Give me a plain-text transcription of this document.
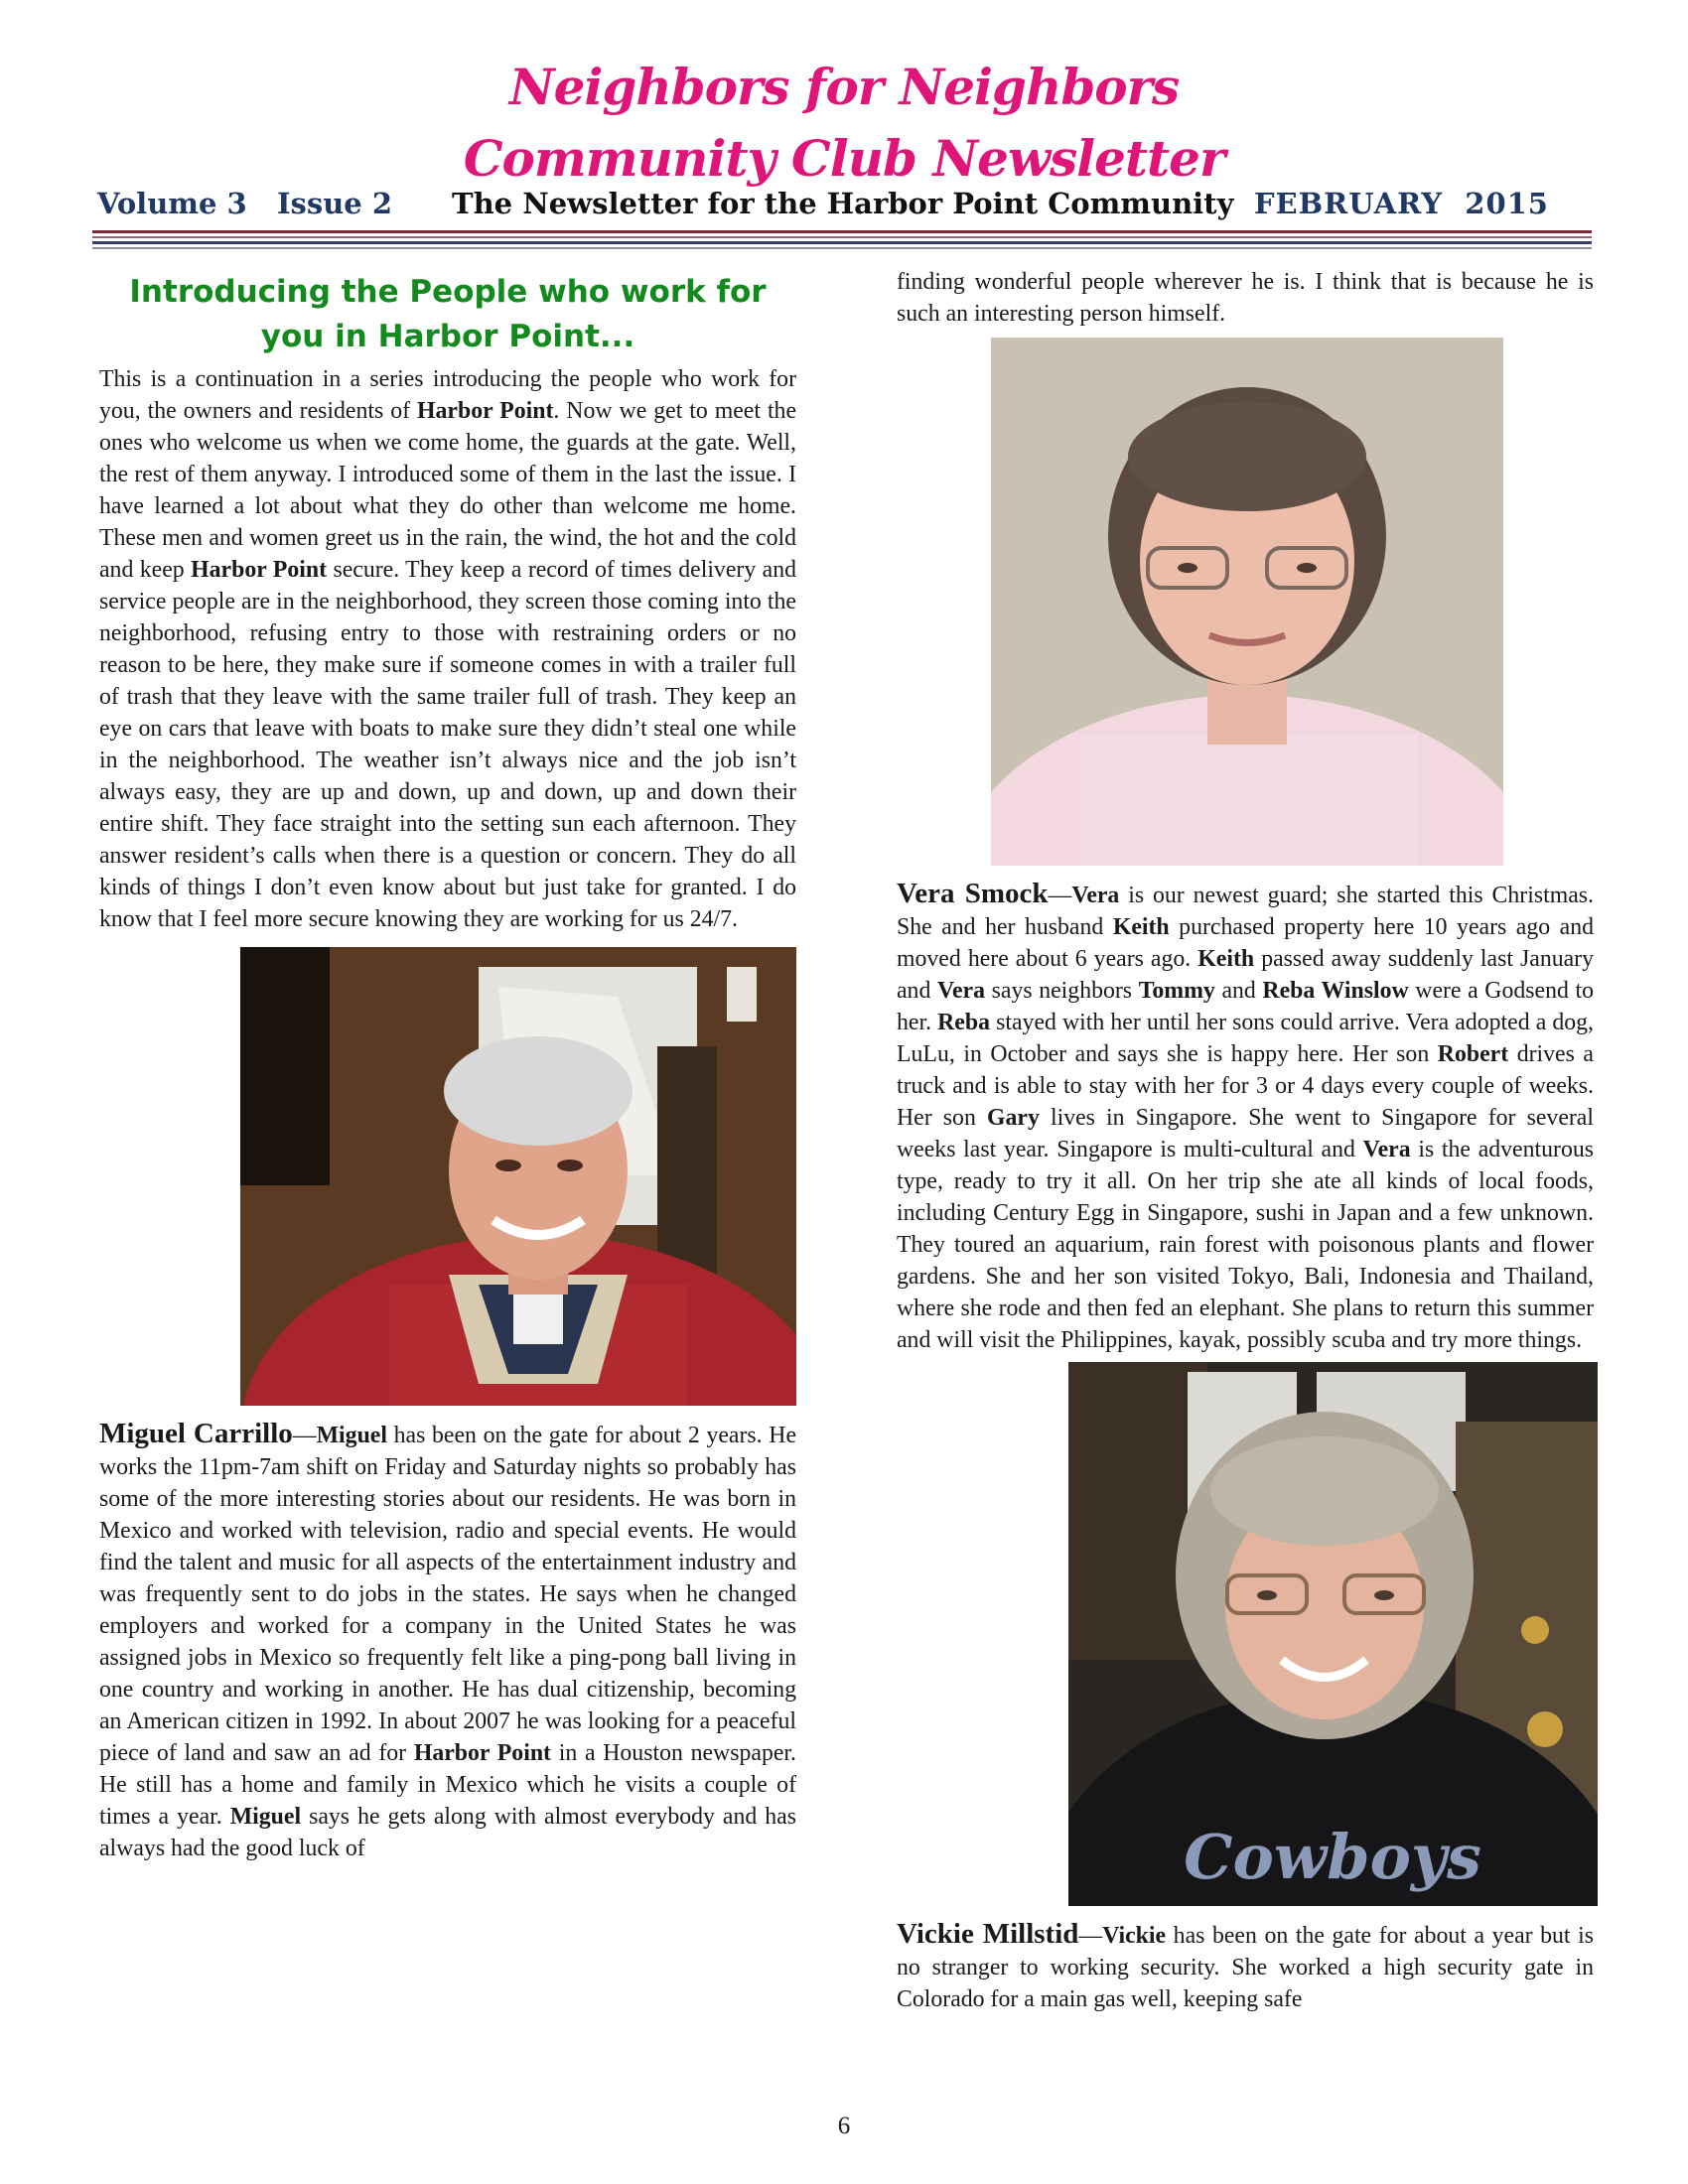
Neighbors for Neighbors
Community Club Newsletter
Volume 3   Issue 2 The Newsletter for the Harbor Point Community FEBRUARY  2015
Introducing the People who work for you in Harbor Point...

This is a continuation in a series introducing the people who work for you, the owners and residents of Harbor Point. Now we get to meet the ones who welcome us when we come home, the guards at the gate. Well, the rest of them anyway. I introduced some of them in the last the issue. I have learned a lot about what they do other than welcome me home. These men and women greet us in the rain, the wind, the hot and the cold and keep Harbor Point secure. They keep a record of times delivery and service people are in the neighborhood, they screen those coming into the neighborhood, refusing entry to those with restraining orders or no reason to be here, they make sure if someone comes in with a trailer full of trash that they leave with the same trailer full of trash. They keep an eye on cars that leave with boats to make sure they didn’t steal one while in the neighborhood. The weather isn’t always nice and the job isn’t always easy, they are up and down, up and down, up and down their entire shift. They face straight into the setting sun each afternoon. They answer resident’s calls when there is a question or concern. They do all kinds of things I don’t even know about but just take for granted. I do know that I feel more secure knowing they are working for us 24/7.

Miguel Carrillo—Miguel has been on the gate for about 2 years. He works the 11pm-7am shift on Friday and Saturday nights so probably has some of the more interesting stories about our residents. He was born in Mexico and worked with television, radio and special events. He would find the talent and music for all aspects of the entertainment industry and was frequently sent to do jobs in the states. He says when he changed employers and worked for a company in the United States he was assigned jobs in Mexico so frequently felt like a ping-pong ball living in one country and working in another. He has dual citizenship, becoming an American citizen in 1992. In about 2007 he was looking for a peaceful piece of land and saw an ad for Harbor Point in a Houston newspaper. He still has a home and family in Mexico which he visits a couple of times a year. Miguel says he gets along with almost everybody and has always had the good luck of

finding wonderful people wherever he is. I think that is because he is such an interesting person himself.

Vera Smock—Vera is our newest guard; she started this Christmas. She and her husband Keith purchased property here 10 years ago and moved here about 6 years ago. Keith passed away suddenly last January and Vera says neighbors Tommy and Reba Winslow were a Godsend to her. Reba stayed with her until her sons could arrive. Vera adopted a dog, LuLu, in October and says she is happy here. Her son Robert drives a truck and is able to stay with her for 3 or 4 days every couple of weeks. Her son Gary lives in Singapore. She went to Singapore for several weeks last year. Singapore is multi-cultural and Vera is the adventurous type, ready to try it all. On her trip she ate all kinds of local foods, including Century Egg in Singapore, sushi in Japan and a few unknown. They toured an aquarium, rain forest with poisonous plants and flower gardens. She and her son visited Tokyo, Bali, Indonesia and Thailand, where she rode and then fed an elephant. She plans to return this summer and will visit the Philippines, kayak, possibly scuba and try more things.

Cowboys

Vickie Millstid—Vickie has been on the gate for about a year but is no stranger to working security. She worked a high security gate in Colorado for a main gas well, keeping safe

6
